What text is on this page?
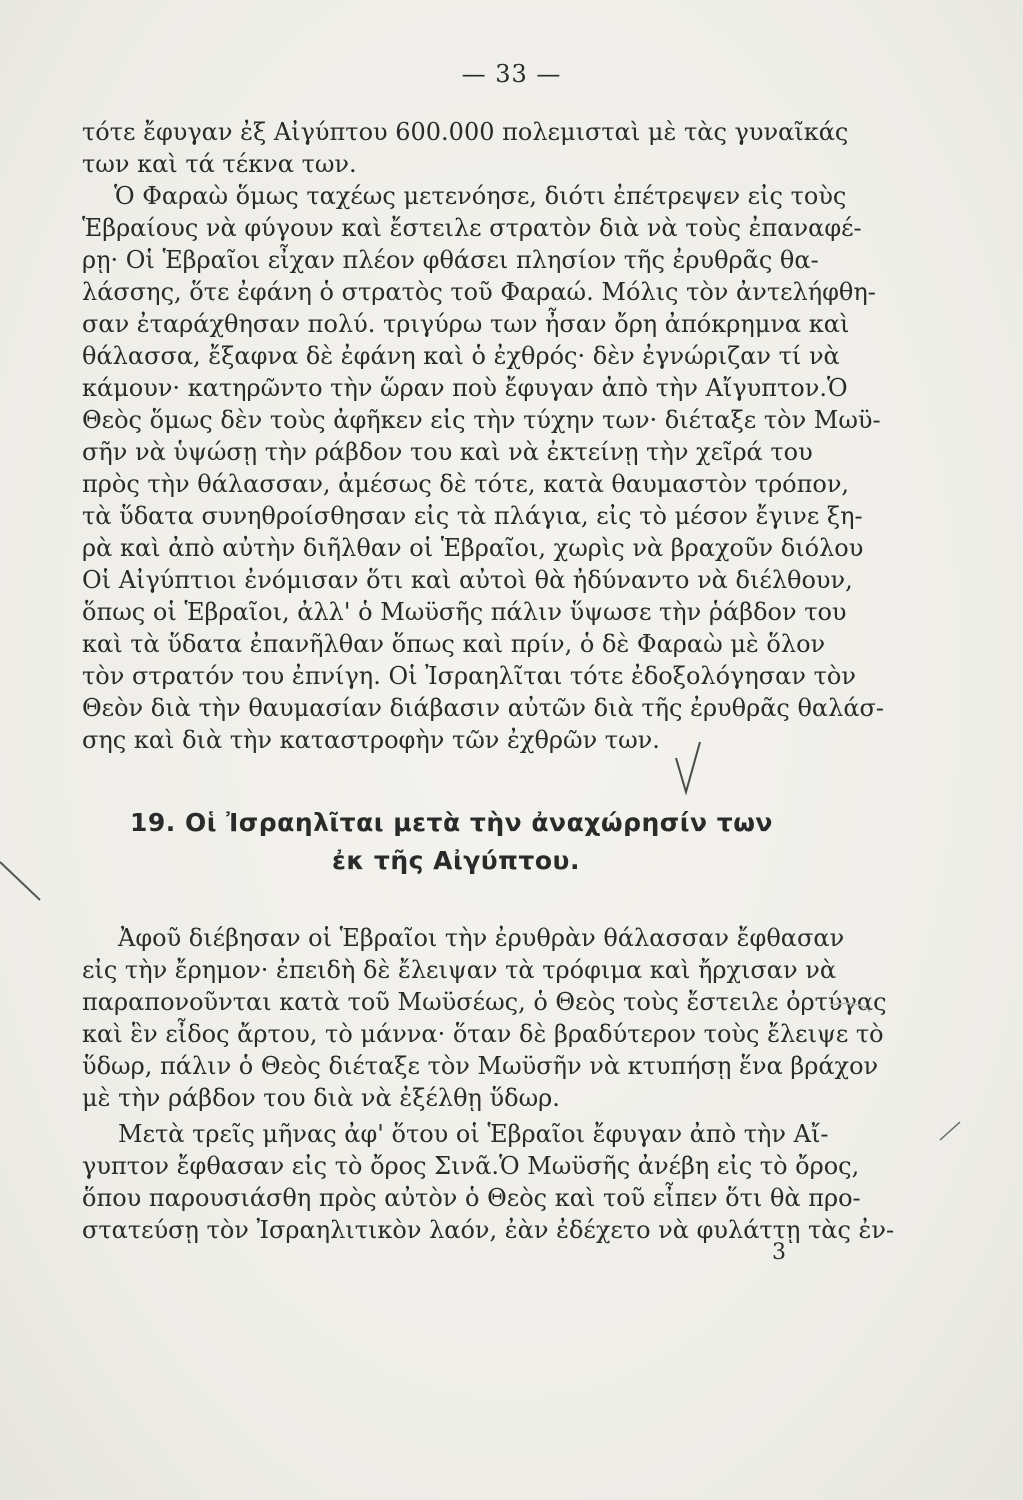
— 33 —
τότε ἔφυγαν ἐξ Αἰγύπτου 600.000 πολεμισταὶ μὲ τὰς γυναῖκάς
των καὶ τά τέκνα των.
Ὁ Φαραὼ ὅμως ταχέως μετενόησε, διότι ἐπέτρεψεν εἰς τοὺς
Ἑβραίους νὰ φύγουν καὶ ἔστειλε στρατὸν διὰ νὰ τοὺς ἐπαναφέ-
ρῃ· Οἱ Ἑβραῖοι εἶχαν πλέον φθάσει πλησίον τῆς ἐρυθρᾶς θα-
λάσσης, ὅτε ἐφάνη ὁ στρατὸς τοῦ Φαραώ. Μόλις τὸν ἀντελήφθη-
σαν ἐταράχθησαν πολύ. τριγύρω των ἦσαν ὄρη ἀπόκρημνα καὶ
θάλασσα, ἔξαφνα δὲ ἐφάνη καὶ ὁ ἐχθρός· δὲν ἐγνώριζαν τί νὰ
κάμουν· κατηρῶντο τὴν ὥραν ποὺ ἔφυγαν ἀπὸ τὴν Αἴγυπτον.Ὁ
Θεὸς ὅμως δὲν τοὺς ἀφῆκεν εἰς τὴν τύχην των· διέταξε τὸν Μωϋ-
σῆν νὰ ὑψώσῃ τὴν ράβδον του καὶ νὰ ἐκτείνῃ τὴν χεῖρά του
πρὸς τὴν θάλασσαν, ἀμέσως δὲ τότε, κατὰ θαυμαστὸν τρόπον,
τὰ ὕδατα συνηθροίσθησαν εἰς τὰ πλάγια, εἰς τὸ μέσον ἔγινε ξη-
ρὰ καὶ ἀπὸ αὐτὴν διῆλθαν οἱ Ἑβραῖοι, χωρὶς νὰ βραχοῦν διόλου
Οἱ Αἰγύπτιοι ἐνόμισαν ὅτι καὶ αὐτοὶ θὰ ἠδύναντο νὰ διέλθουν,
ὅπως οἱ Ἑβραῖοι, ἀλλ' ὁ Μωϋσῆς πάλιν ὕψωσε τὴν ῥάβδον του
καὶ τὰ ὕδατα ἐπανῆλθαν ὅπως καὶ πρίν, ὁ δὲ Φαραὼ μὲ ὅλον
τὸν στρατόν του ἐπνίγη. Οἱ Ἰσραηλῖται τότε ἐδοξολόγησαν τὸν
Θεὸν διὰ τὴν θαυμασίαν διάβασιν αὐτῶν διὰ τῆς ἐρυθρᾶς θαλάσ-
σης καὶ διὰ τὴν καταστροφὴν τῶν ἐχθρῶν των.
19. Οἱ Ἰσραηλῖται μετὰ τὴν ἀναχώρησίν των
ἐκ τῆς Αἰγύπτου.
Ἀφοῦ διέβησαν οἱ Ἑβραῖοι τὴν ἐρυθρὰν θάλασσαν ἔφθασαν
εἰς τὴν ἔρημον· ἐπειδὴ δὲ ἔλειψαν τὰ τρόφιμα καὶ ἤρχισαν νὰ
παραπονοῦνται κατὰ τοῦ Μωϋσέως, ὁ Θεὸς τοὺς ἔστειλε ὀρτύγας
καὶ ἓν εἶδος ἄρτου, τὸ μάννα· ὅταν δὲ βραδύτερον τοὺς ἔλειψε τὸ
ὕδωρ, πάλιν ὁ Θεὸς διέταξε τὸν Μωϋσῆν νὰ κτυπήσῃ ἕνα βράχον
μὲ τὴν ράβδον του διὰ νὰ ἐξέλθῃ ὕδωρ.
Μετὰ τρεῖς μῆνας ἀφ' ὅτου οἱ Ἑβραῖοι ἔφυγαν ἀπὸ τὴν Αἴ-
γυπτον ἔφθασαν εἰς τὸ ὄρος Σινᾶ.Ὁ Μωϋσῆς ἀνέβη εἰς τὸ ὄρος,
ὅπου παρουσιάσθη πρὸς αὐτὸν ὁ Θεὸς καὶ τοῦ εἶπεν ὅτι θὰ προ-
στατεύσῃ τὸν Ἰσραηλιτικὸν λαόν, ἐὰν ἐδέχετο νὰ φυλάττῃ τὰς ἐν-
3
